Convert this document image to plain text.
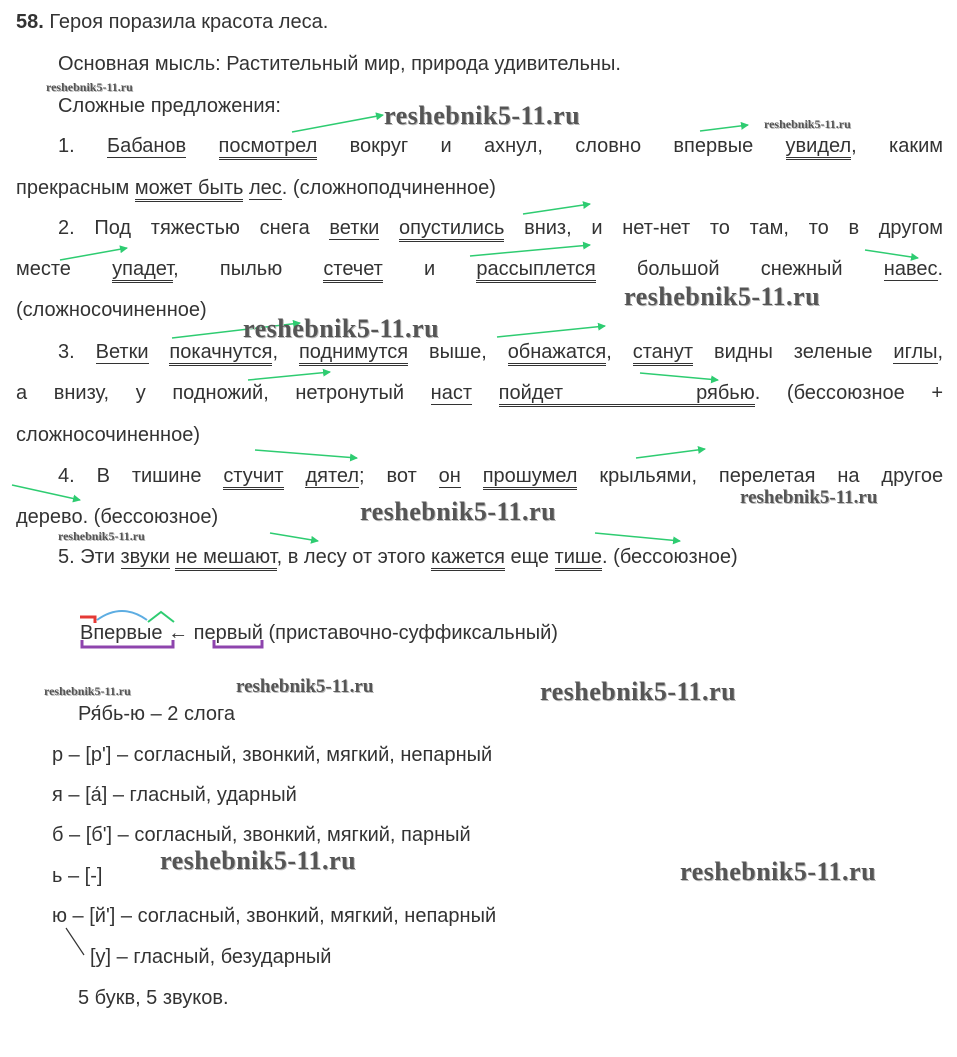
58. Героя поразила красота леса.
Основная мысль: Растительный мир, природа удивительны.
Сложные предложения:
1. Бабанов посмотрел вокруг и ахнул, словно впервые увидел, каким
прекрасным может быть лес. (сложноподчиненное)
2. Под тяжестью снега ветки опустились вниз, и нет-нет то там, то в другом
месте упадет, пылью стечет и рассыплется большой снежный навес.
(сложносочиненное)
3. Ветки покачнутся, поднимутся выше, обнажатся, станут видны зеленые иглы,
а внизу, у подножий, нетронутый наст пойдет	рябью. (бессоюзное +
сложносочиненное)
4. В тишине стучит дятел; вот он прошумел крыльями, перелетая на другое
дерево. (бессоюзное)
5. Эти звуки не мешают, в лесу от этого кажется еще тише. (бессоюзное)
Впервые ← первый (приставочно-суффиксальный)
Ря́бь-ю – 2 слога
р – [р'] – согласный, звонкий, мягкий, непарный
я – [а́] – гласный, ударный
б – [б'] – согласный, звонкий, мягкий, парный
ь – [-]
ю – [й'] – согласный, звонкий, мягкий, непарный
[у] – гласный, безударный
5 букв, 5 звуков.
reshebnik5-11.ru
reshebnik5-11.ru	reshebnik5-11.ru
reshebnik5-11.ru
reshebnik5-11.ru
reshebnik5-11.ru
reshebnik5-11.ru
reshebnik5-11.ru
reshebnik5-11.ru	reshebnik5-11.ru	reshebnik5-11.ru
reshebnik5-11.ru	reshebnik5-11.ru
